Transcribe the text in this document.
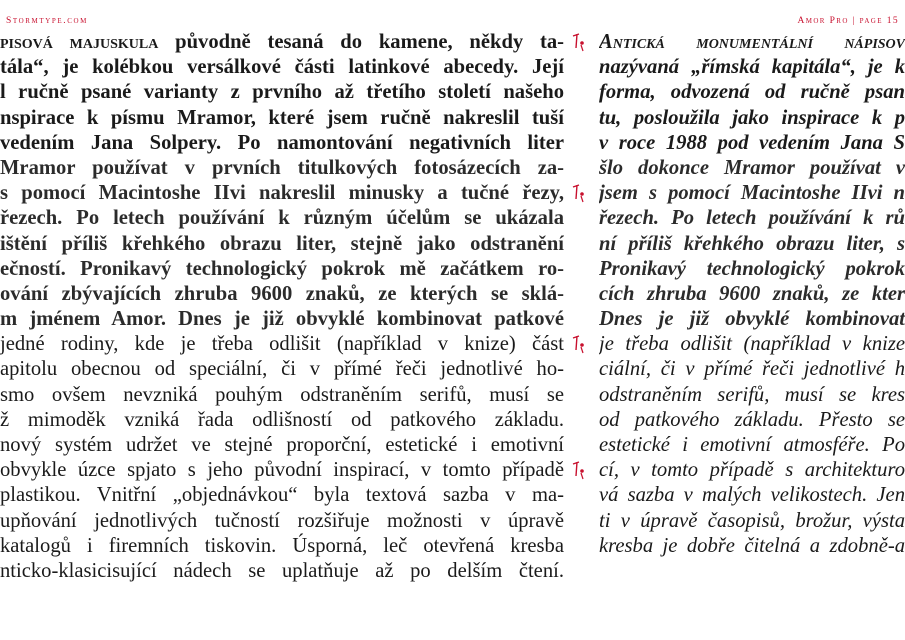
Stormtype.com	Amor Pro | page 15
pisová majuskula původně tesaná do kamene, někdy ta-
tála“, je kolébkou versálkové části latinkové abecedy. Její
l ručně psané varianty z prvního až třetího století našeho
nspirace k písmu Mramor, které jsem ručně nakreslil tuší
vedením Jana Solpery. Po namontování negativních liter
Mramor používat v prvních titulkových fotosázecích za-
s pomocí Macintoshe IIvi nakreslil minusky a tučné řezy,
řezech. Po letech používání k různým účelům se ukázala
ištění příliš křehkého obrazu liter, stejně jako odstranění
ečností. Pronikavý technologický pokrok mě začátkem ro-
ování zbývajících zhruba 9600 znaků, ze kterých se sklá-
m jménem Amor. Dnes je již obvyklé kombinovat patkové
jedné rodiny, kde je třeba odlišit (například v knize) část
apitolu obecnou od speciální, či v přímé řeči jednotlivé ho-
smo ovšem nevzniká pouhým odstraněním serifů, musí se
ž mimoděk vzniká řada odlišností od patkového základu.
nový systém udržet ve stejné proporční, estetické i emotivní
obvykle úzce spjato s jeho původní inspirací, v tomto případě
plastikou. Vnitřní „objednávkou“ byla textová sazba v ma-
upňování jednotlivých tučností rozšiřuje možnosti v úpravě
katalogů i firemních tiskovin. Úsporná, leč otevřená kresba
nticko-klasicisující nádech se uplatňuje až po delším čtení.
Antická monumentální nápisov
nazývaná „římská kapitála“, je k
forma, odvozená od ručně psan
tu, posloužila jako inspirace k p
v roce 1988 pod vedením Jana S
šlo dokonce Mramor používat v
jsem s pomocí Macintoshe IIvi n
řezech. Po letech používání k rů
ní příliš křehkého obrazu liter, s
Pronikavý technologický pokrok
cích zhruba 9600 znaků, ze kter
Dnes je již obvyklé kombinovat
je třeba odlišit (například v knize
ciální, či v přímé řeči jednotlivé h
odstraněním serifů, musí se kres
od patkového základu. Přesto se
estetické i emotivní atmosféře. Po
cí, v tomto případě s architekturo
vá sazba v malých velikostech. Jen
ti v úpravě časopisů, brožur, výsta
kresba je dobře čitelná a zdobně-a
